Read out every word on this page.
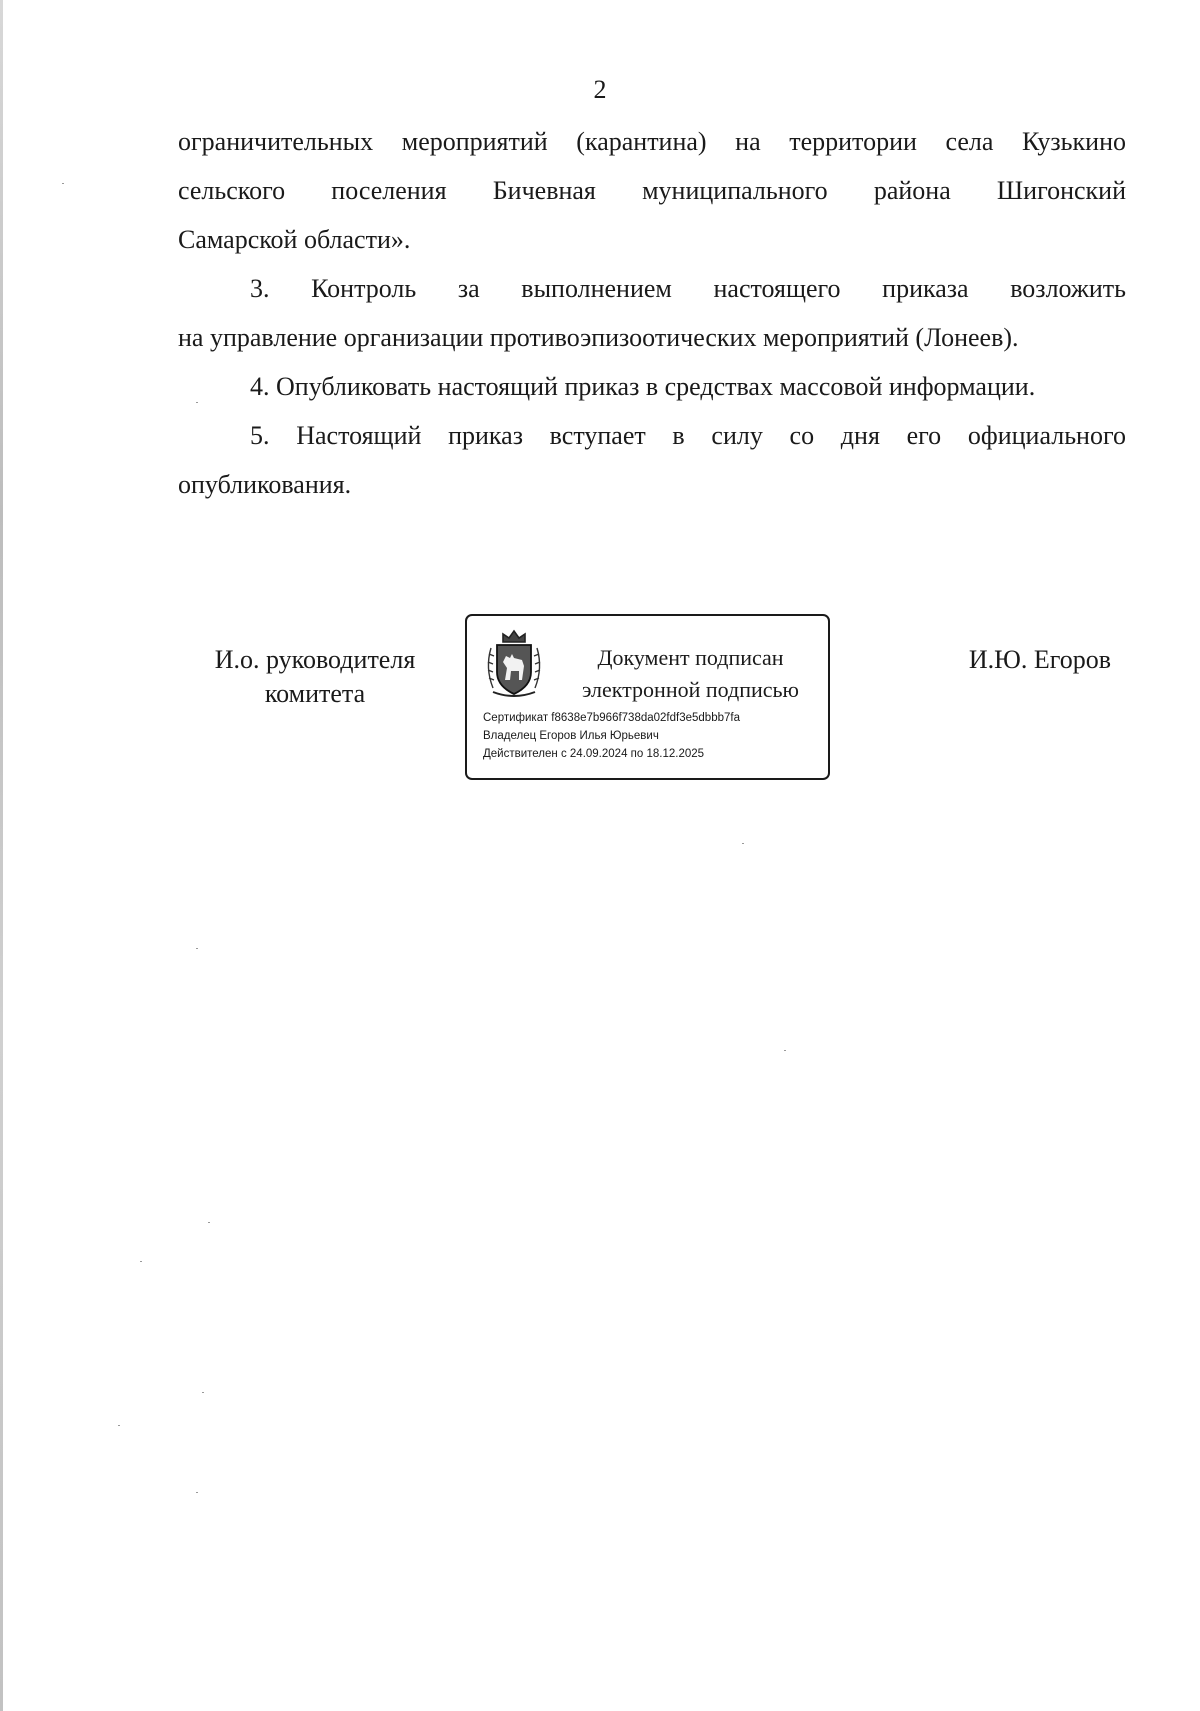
2
ограничительных мероприятий (карантина) на территории села Кузькино
сельского поселения Бичевная муниципального района Шигонский
Самарской области».
3. Контроль за выполнением настоящего приказа возложить
на управление организации противоэпизоотических мероприятий (Лонеев).
4. Опубликовать настоящий приказ в средствах массовой информации.
5. Настоящий приказ вступает в силу со дня его официального
опубликования.
И.о. руководителя
комитета
Документ подписан
электронной подписью
Сертификат f8638e7b966f738da02fdf3e5dbbb7fa
Владелец Егоров Илья Юрьевич
Действителен с 24.09.2024 по 18.12.2025
И.Ю. Егоров
